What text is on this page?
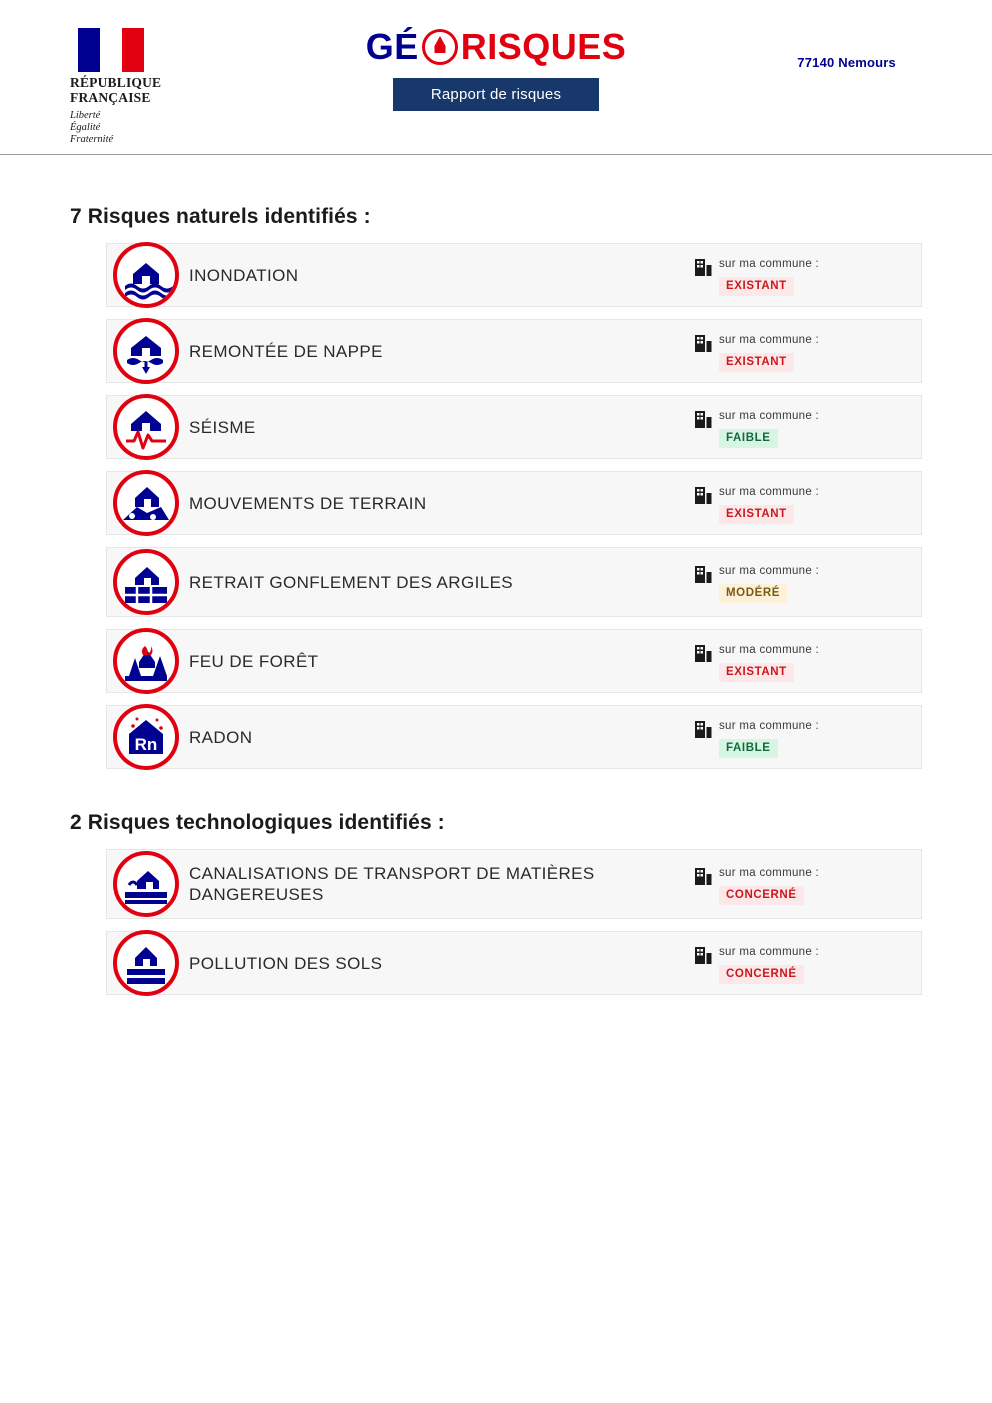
RÉPUBLIQUE
FRANÇAISE
Liberté
Égalité
Fraternité
GÉ RISQUES
Rapport de risques
77140 Nemours
7 Risques naturels identifiés :
INONDATION
sur ma commune :
EXISTANT
REMONTÉE DE NAPPE
sur ma commune :
EXISTANT
SÉISME
sur ma commune :
FAIBLE
MOUVEMENTS DE TERRAIN
sur ma commune :
EXISTANT
RETRAIT GONFLEMENT DES ARGILES
sur ma commune :
MODÉRÉ
FEU DE FORÊT
sur ma commune :
EXISTANT
Rn RADON
sur ma commune :
FAIBLE
2 Risques technologiques identifiés :
CANALISATIONS DE TRANSPORT DE MATIÈRES DANGEREUSES
sur ma commune :
CONCERNÉ
POLLUTION DES SOLS
sur ma commune :
CONCERNÉ
